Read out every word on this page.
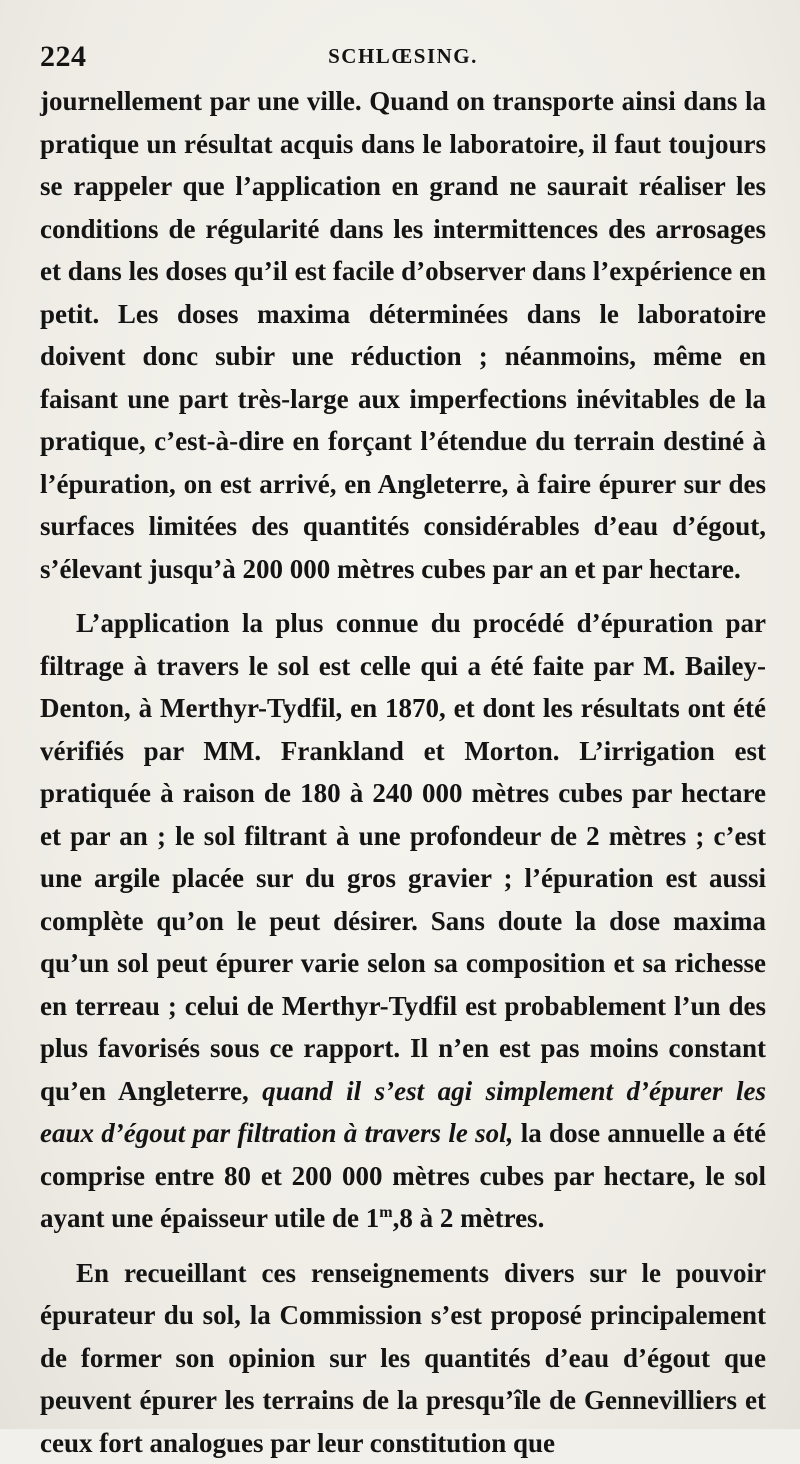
224	SCHLŒSING.

journellement par une ville. Quand on transporte ainsi dans la pratique un résultat acquis dans le laboratoire, il faut toujours se rappeler que l’application en grand ne saurait réaliser les conditions de régularité dans les intermittences des arrosages et dans les doses qu’il est facile d’observer dans l’expérience en petit. Les doses maxima déterminées dans le laboratoire doivent donc subir une réduction ; néanmoins, même en faisant une part très-large aux imperfections inévitables de la pratique, c’est-à-dire en forçant l’étendue du terrain destiné à l’épuration, on est arrivé, en Angleterre, à faire épurer sur des surfaces limitées des quantités considérables d’eau d’égout, s’élevant jusqu’à 200 000 mètres cubes par an et par hectare.

L’application la plus connue du procédé d’épuration par filtrage à travers le sol est celle qui a été faite par M. Bailey-Denton, à Merthyr-Tydfil, en 1870, et dont les résultats ont été vérifiés par MM. Frankland et Morton. L’irrigation est pratiquée à raison de 180 à 240 000 mètres cubes par hectare et par an ; le sol filtrant à une profondeur de 2 mètres ; c’est une argile placée sur du gros gravier ; l’épuration est aussi complète qu’on le peut désirer. Sans doute la dose maxima qu’un sol peut épurer varie selon sa composition et sa richesse en terreau ; celui de Merthyr-Tydfil est probablement l’un des plus favorisés sous ce rapport. Il n’en est pas moins constant qu’en Angleterre, quand il s’est agi simplement d’épurer les eaux d’égout par filtration à travers le sol, la dose annuelle a été comprise entre 80 et 200 000 mètres cubes par hectare, le sol ayant une épaisseur utile de 1$^m$,8 à 2 mètres.

En recueillant ces renseignements divers sur le pouvoir épurateur du sol, la Commission s’est proposé principalement de former son opinion sur les quantités d’eau d’égout que peuvent épurer les terrains de la presqu’île de Gennevilliers et ceux fort analogues par leur constitution que
